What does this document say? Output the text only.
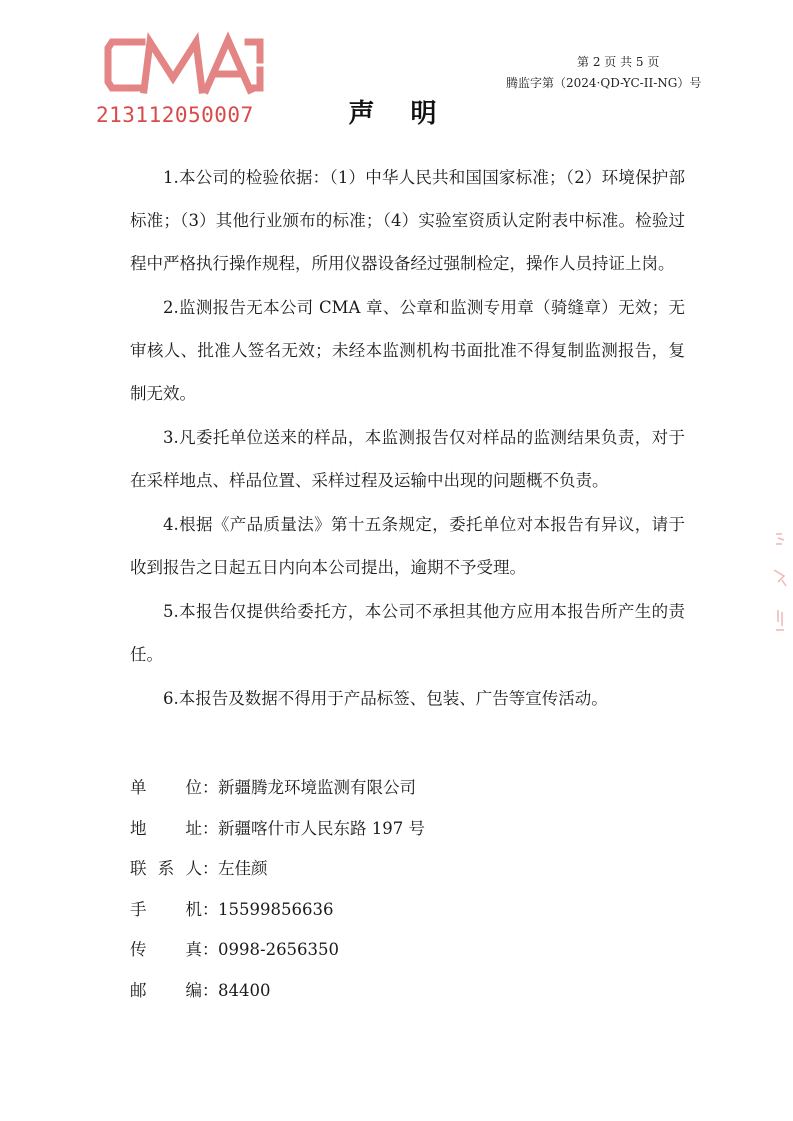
CMA
213112050007
第 2 页 共 5 页
腾监字第（2024·QD-YC-II-NG）号
声明

1.本公司的检验依据：（1）中华人民共和国国家标准；（2）环境保护部标准；（3）其他行业颁布的标准；（4）实验室资质认定附表中标准。检验过程中严格执行操作规程，所用仪器设备经过强制检定，操作人员持证上岗。

2.监测报告无本公司 CMA 章、公章和监测专用章（骑缝章）无效；无审核人、批准人签名无效；未经本监测机构书面批准不得复制监测报告，复制无效。

3.凡委托单位送来的样品，本监测报告仅对样品的监测结果负责，对于在采样地点、样品位置、采样过程及运输中出现的问题概不负责。

4.根据《产品质量法》第十五条规定，委托单位对本报告有异议，请于收到报告之日起五日内向本公司提出，逾期不予受理。

5.本报告仅提供给委托方，本公司不承担其他方应用本报告所产生的责任。

6.本报告及数据不得用于产品标签、包装、广告等宣传活动。

单位 ： 新疆腾龙环境监测有限公司
地址 ： 新疆喀什市人民东路 197 号
联系人 ： 左佳颜
手机 ： 15599856636
传真 ： 0998-2656350
邮编 ： 84400
